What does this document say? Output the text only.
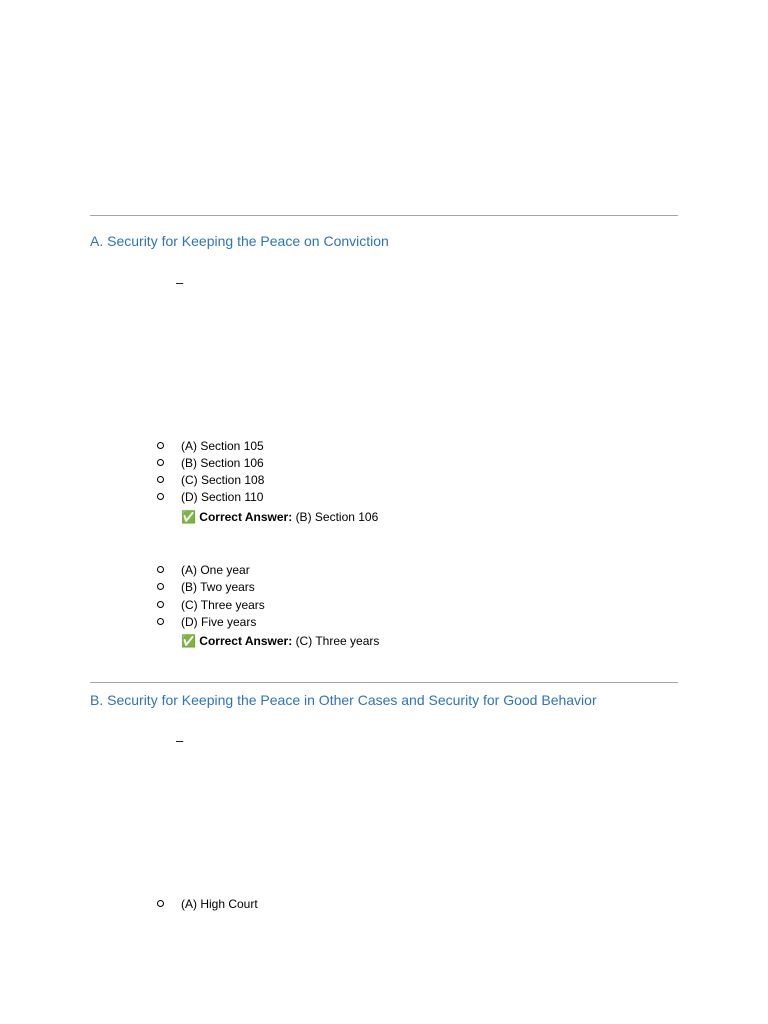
A. Security for Keeping the Peace on Conviction
–
(A) Section 105
(B) Section 106
(C) Section 108
(D) Section 110
✅ Correct Answer: (B) Section 106
(A) One year
(B) Two years
(C) Three years
(D) Five years
✅ Correct Answer: (C) Three years
B. Security for Keeping the Peace in Other Cases and Security for Good Behavior
–
(A) High Court
